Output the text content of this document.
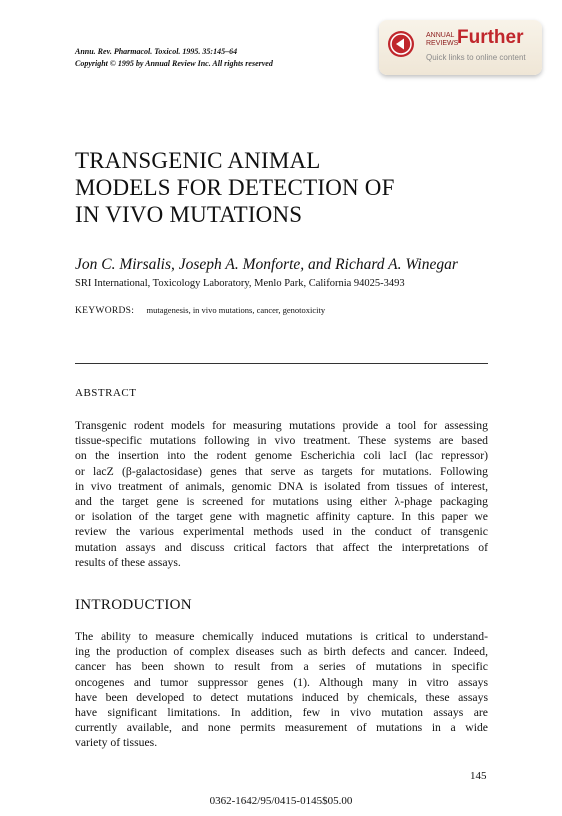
Annu. Rev. Pharmacol. Toxicol. 1995. 35:145–64
Copyright © 1995 by Annual Review Inc. All rights reserved
ANNUAL REVIEWS
Further
Quick links to online content
TRANSGENIC ANIMAL
MODELS FOR DETECTION OF
IN VIVO MUTATIONS
Jon C. Mirsalis, Joseph A. Monforte, and Richard A. Winegar
SRI International, Toxicology Laboratory, Menlo Park, California 94025-3493
KEYWORDS: mutagenesis, in vivo mutations, cancer, genotoxicity
ABSTRACT
Transgenic rodent models for measuring mutations provide a tool for assessing
tissue-specific mutations following in vivo treatment. These systems are based
on the insertion into the rodent genome Escherichia coli lacI (lac repressor)
or lacZ (β-galactosidase) genes that serve as targets for mutations. Following
in vivo treatment of animals, genomic DNA is isolated from tissues of interest,
and the target gene is screened for mutations using either λ-phage packaging
or isolation of the target gene with magnetic affinity capture. In this paper we
review the various experimental methods used in the conduct of transgenic
mutation assays and discuss critical factors that affect the interpretations of
results of these assays.
INTRODUCTION
The ability to measure chemically induced mutations is critical to understand-
ing the production of complex diseases such as birth defects and cancer. Indeed,
cancer has been shown to result from a series of mutations in specific
oncogenes and tumor suppressor genes (1). Although many in vitro assays
have been developed to detect mutations induced by chemicals, these assays
have significant limitations. In addition, few in vivo mutation assays are
currently available, and none permits measurement of mutations in a wide
variety of tissues.
145
0362-1642/95/0415-0145$05.00
